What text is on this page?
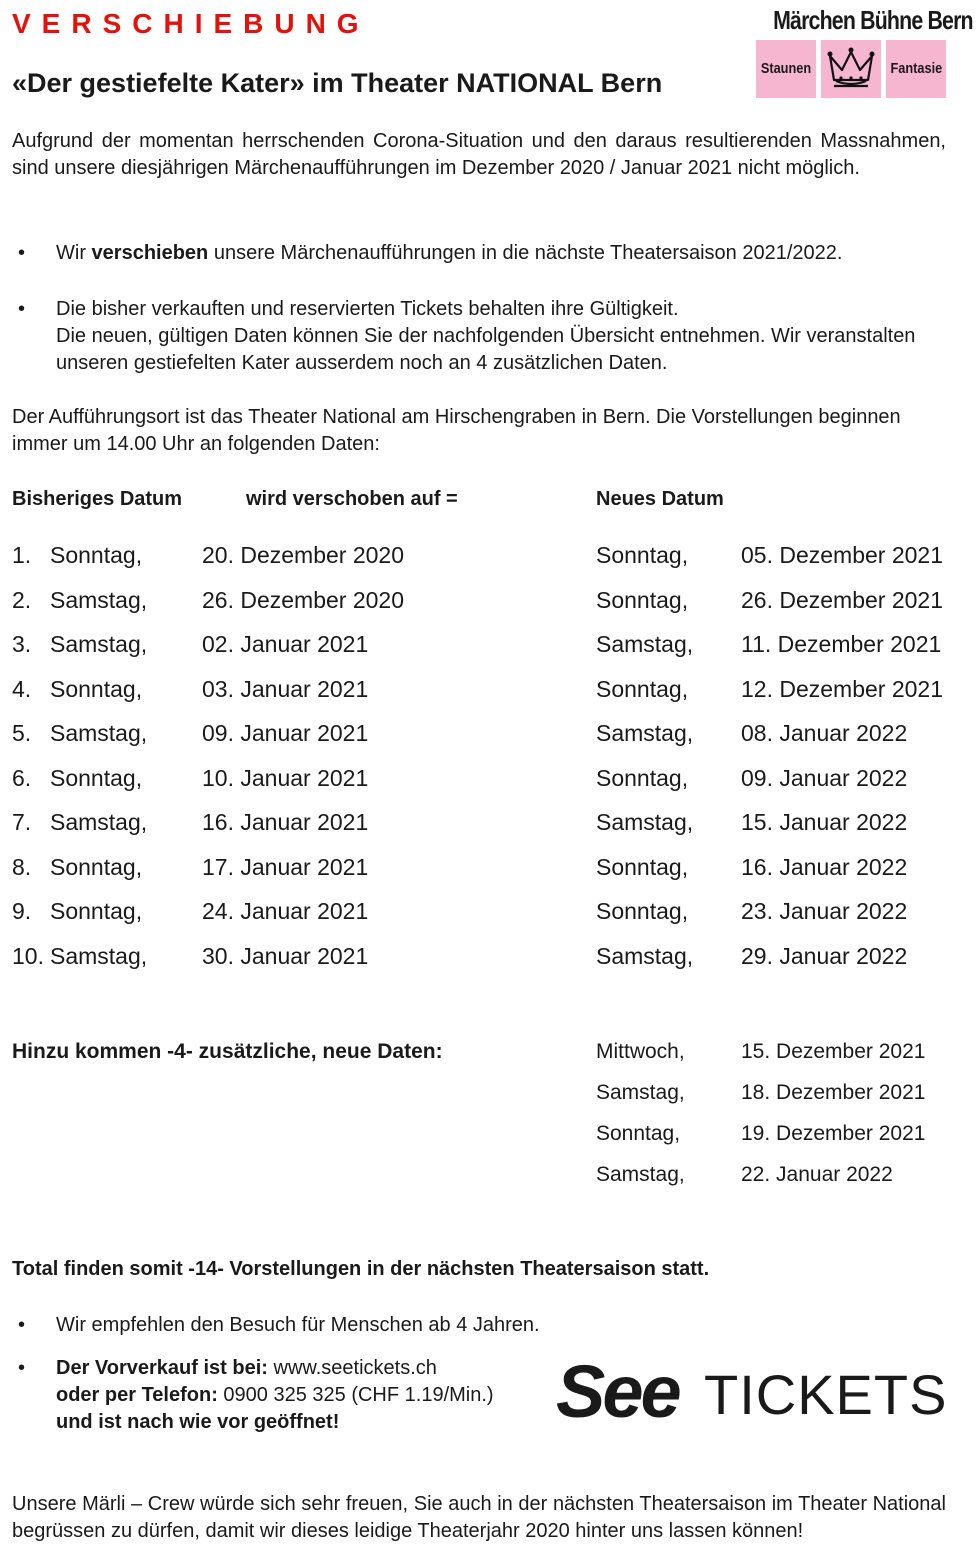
VERSCHIEBUNG
«Der gestiefelte Kater» im Theater NATIONAL Bern
Märchen Bühne Bern
Staunen	Fantasie
Aufgrund der momentan herrschenden Corona-Situation und den daraus resultierenden Massnahmen, sind unsere diesjährigen Märchenaufführungen im Dezember 2020 / Januar 2021 nicht möglich.
• Wir verschieben unsere Märchenaufführungen in die nächste Theatersaison 2021/2022.
• Die bisher verkauften und reservierten Tickets behalten ihre Gültigkeit.
Die neuen, gültigen Daten können Sie der nachfolgenden Übersicht entnehmen. Wir veranstalten unseren gestiefelten Kater ausserdem noch an 4 zusätzlichen Daten.
Der Aufführungsort ist das Theater National am Hirschengraben in Bern. Die Vorstellungen beginnen immer um 14.00 Uhr an folgenden Daten:
Bisheriges Datum	wird verschoben auf =	Neues Datum
1. Sonntag,	20. Dezember 2020	Sonntag, 05. Dezember 2021
2. Samstag, 26. Dezember 2020	Sonntag, 26. Dezember 2021
3. Samstag, 02. Januar 2021	Samstag, 11. Dezember 2021
4. Sonntag,	03. Januar 2021	Sonntag, 12. Dezember 2021
5. Samstag, 09. Januar 2021	Samstag, 08. Januar 2022
6. Sonntag,	10. Januar 2021	Sonntag, 09. Januar 2022
7. Samstag, 16. Januar 2021	Samstag, 15. Januar 2022
8. Sonntag,	17. Januar 2021	Sonntag, 16. Januar 2022
9. Sonntag,	24. Januar 2021	Sonntag, 23. Januar 2022
10. Samstag, 30. Januar 2021	Samstag, 29. Januar 2022
Hinzu kommen -4- zusätzliche, neue Daten:	Mittwoch,	15. Dezember 2021
Samstag,	18. Dezember 2021
Sonntag,	19. Dezember 2021
Samstag,	22. Januar 2022
Total finden somit -14- Vorstellungen in der nächsten Theatersaison statt.
• Wir empfehlen den Besuch für Menschen ab 4 Jahren.
• Der Vorverkauf ist bei: www.seetickets.ch
oder per Telefon: 0900 325 325 (CHF 1.19/Min.)
und ist nach wie vor geöffnet!	See TICKETS
Unsere Märli – Crew würde sich sehr freuen, Sie auch in der nächsten Theatersaison im Theater National begrüssen zu dürfen, damit wir dieses leidige Theaterjahr 2020 hinter uns lassen können!
